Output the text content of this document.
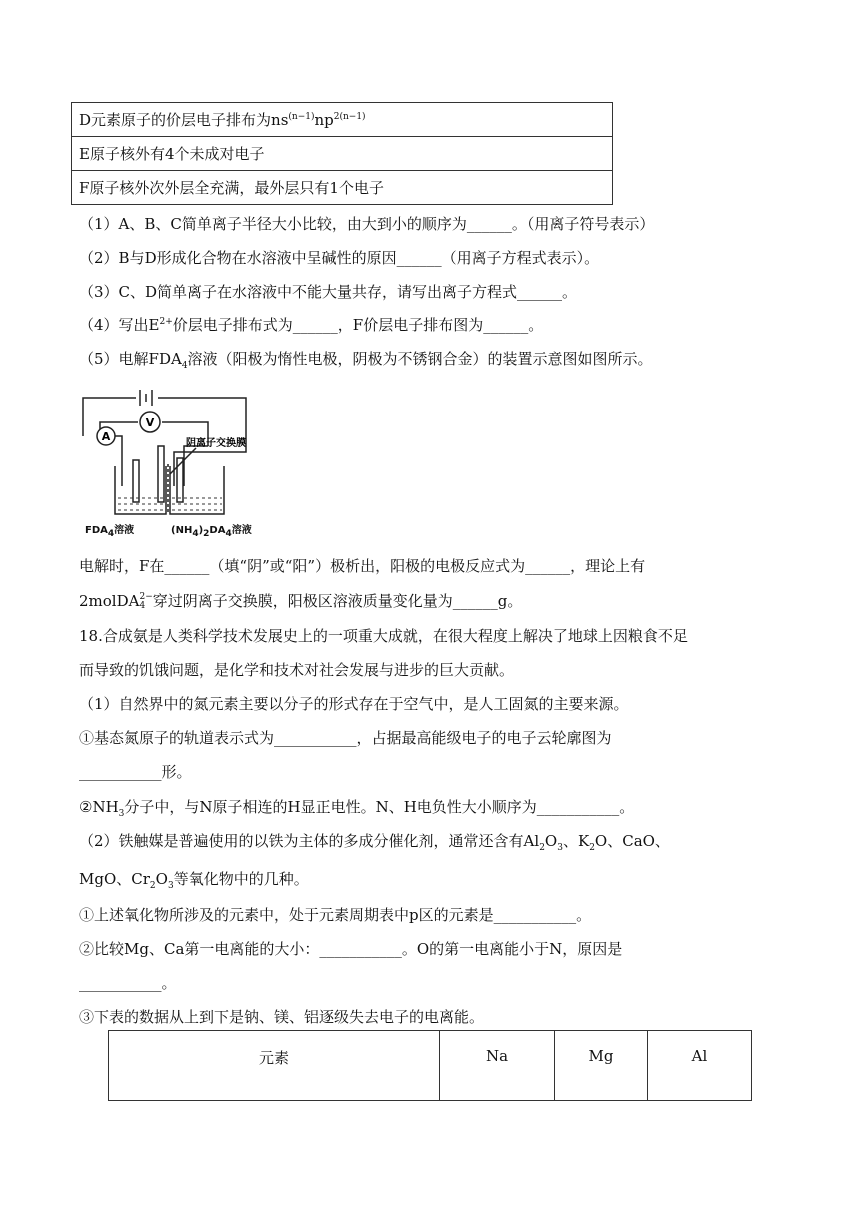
D元素原子的价层电子排布为$ns^{(n-1)}np^{2(n-1)}$
E原子核外有4个未成对电子
F原子核外次外层全充满，最外层只有1个电子
（1）A、B、C简单离子半径大小比较，由大到小的顺序为______。（用离子符号表示）
（2）B与D形成化合物在水溶液中呈碱性的原因______（用离子方程式表示）。
（3）C、D简单离子在水溶液中不能大量共存，请写出离子方程式______。
（4）写出$E^{2+}$价层电子排布式为______，F价层电子排布图为______。
（5）电解$FDA_4$溶液（阳极为惰性电极，阴极为不锈钢合金）的装置示意图如图所示。
A
V
阴离子交换膜
$FDA_4$溶液	$(NH_4)_2DA_4$溶液
电解时，F在______（填“阴”或“阳”）极析出，阳极的电极反应式为______，理论上有
2molDA2−
4 穿过阴离子交换膜，阳极区溶液质量变化量为______g。
18.合成氨是人类科学技术发展史上的一项重大成就，在很大程度上解决了地球上因粮食不足
而导致的饥饿问题，是化学和技术对社会发展与进步的巨大贡献。
（1）自然界中的氮元素主要以分子的形式存在于空气中，是人工固氮的主要来源。
①基态氮原子的轨道表示式为___________，占据最高能级电子的电子云轮廓图为
___________形。
$②NH_3$分子中，与N原子相连的H显正电性。N、H电负性大小顺序为___________。
（2）铁触媒是普遍使用的以铁为主体的多成分催化剂，通常还含有$Al_2O_3$、$K_2O$、CaO、
MgO、$Cr_2O_3$等氧化物中的几种。
①上述氧化物所涉及的元素中，处于元素周期表中p区的元素是___________。
②比较Mg、Ca第一电离能的大小：___________。O的第一电离能小于N，原因是
___________。
③下表的数据从上到下是钠、镁、铝逐级失去电子的电离能。
元素	Na	Mg	Al
